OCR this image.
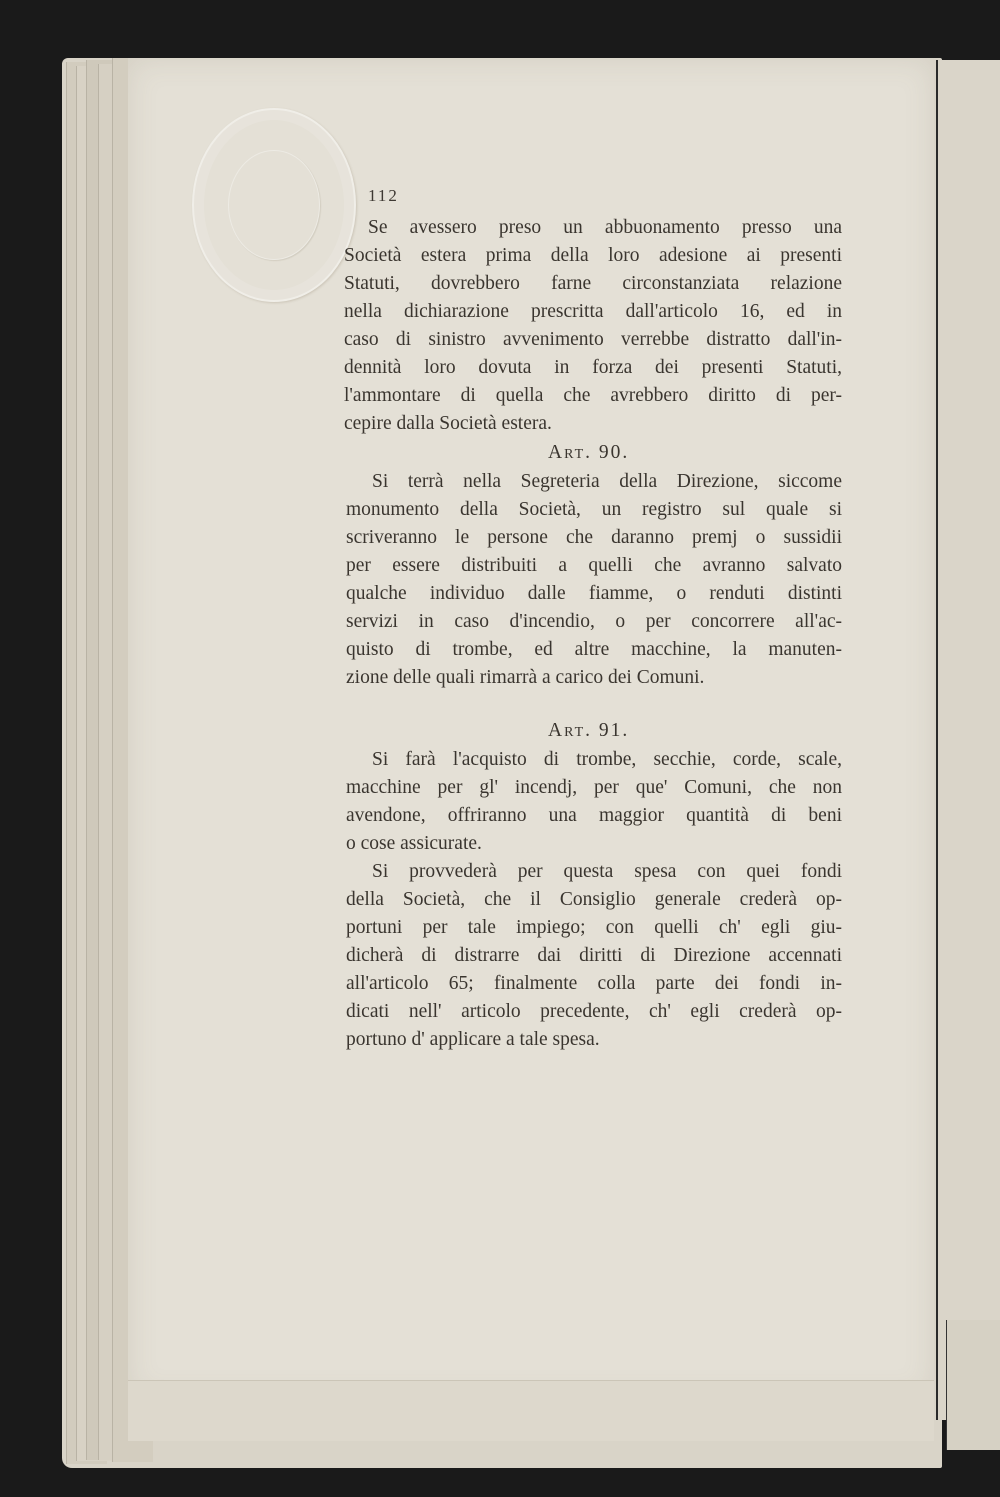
112
Se avessero preso un abbuonamento presso una
Società estera prima della loro adesione ai presenti
Statuti, dovrebbero farne circonstanziata relazione
nella dichiarazione prescritta dall'articolo 16, ed in
caso di sinistro avvenimento verrebbe distratto dall'in-
dennità loro dovuta in forza dei presenti Statuti,
l'ammontare di quella che avrebbero diritto di per-
cepire dalla Società estera.
Art. 90.
Si terrà nella Segreteria della Direzione, siccome
monumento della Società, un registro sul quale si
scriveranno le persone che daranno premj o sussidii
per essere distribuiti a quelli che avranno salvato
qualche individuo dalle fiamme, o renduti distinti
servizi in caso d'incendio, o per concorrere all'ac-
quisto di trombe, ed altre macchine, la manuten-
zione delle quali rimarrà a carico dei Comuni.
Art. 91.
Si farà l'acquisto di trombe, secchie, corde, scale,
macchine per gl' incendj, per que' Comuni, che non
avendone, offriranno una maggior quantità di beni
o cose assicurate.
Si provvederà per questa spesa con quei fondi
della Società, che il Consiglio generale crederà op-
portuni per tale impiego; con quelli ch' egli giu-
dicherà di distrarre dai diritti di Direzione accennati
all'articolo 65; finalmente colla parte dei fondi in-
dicati nell' articolo precedente, ch' egli crederà op-
portuno d' applicare a tale spesa.
